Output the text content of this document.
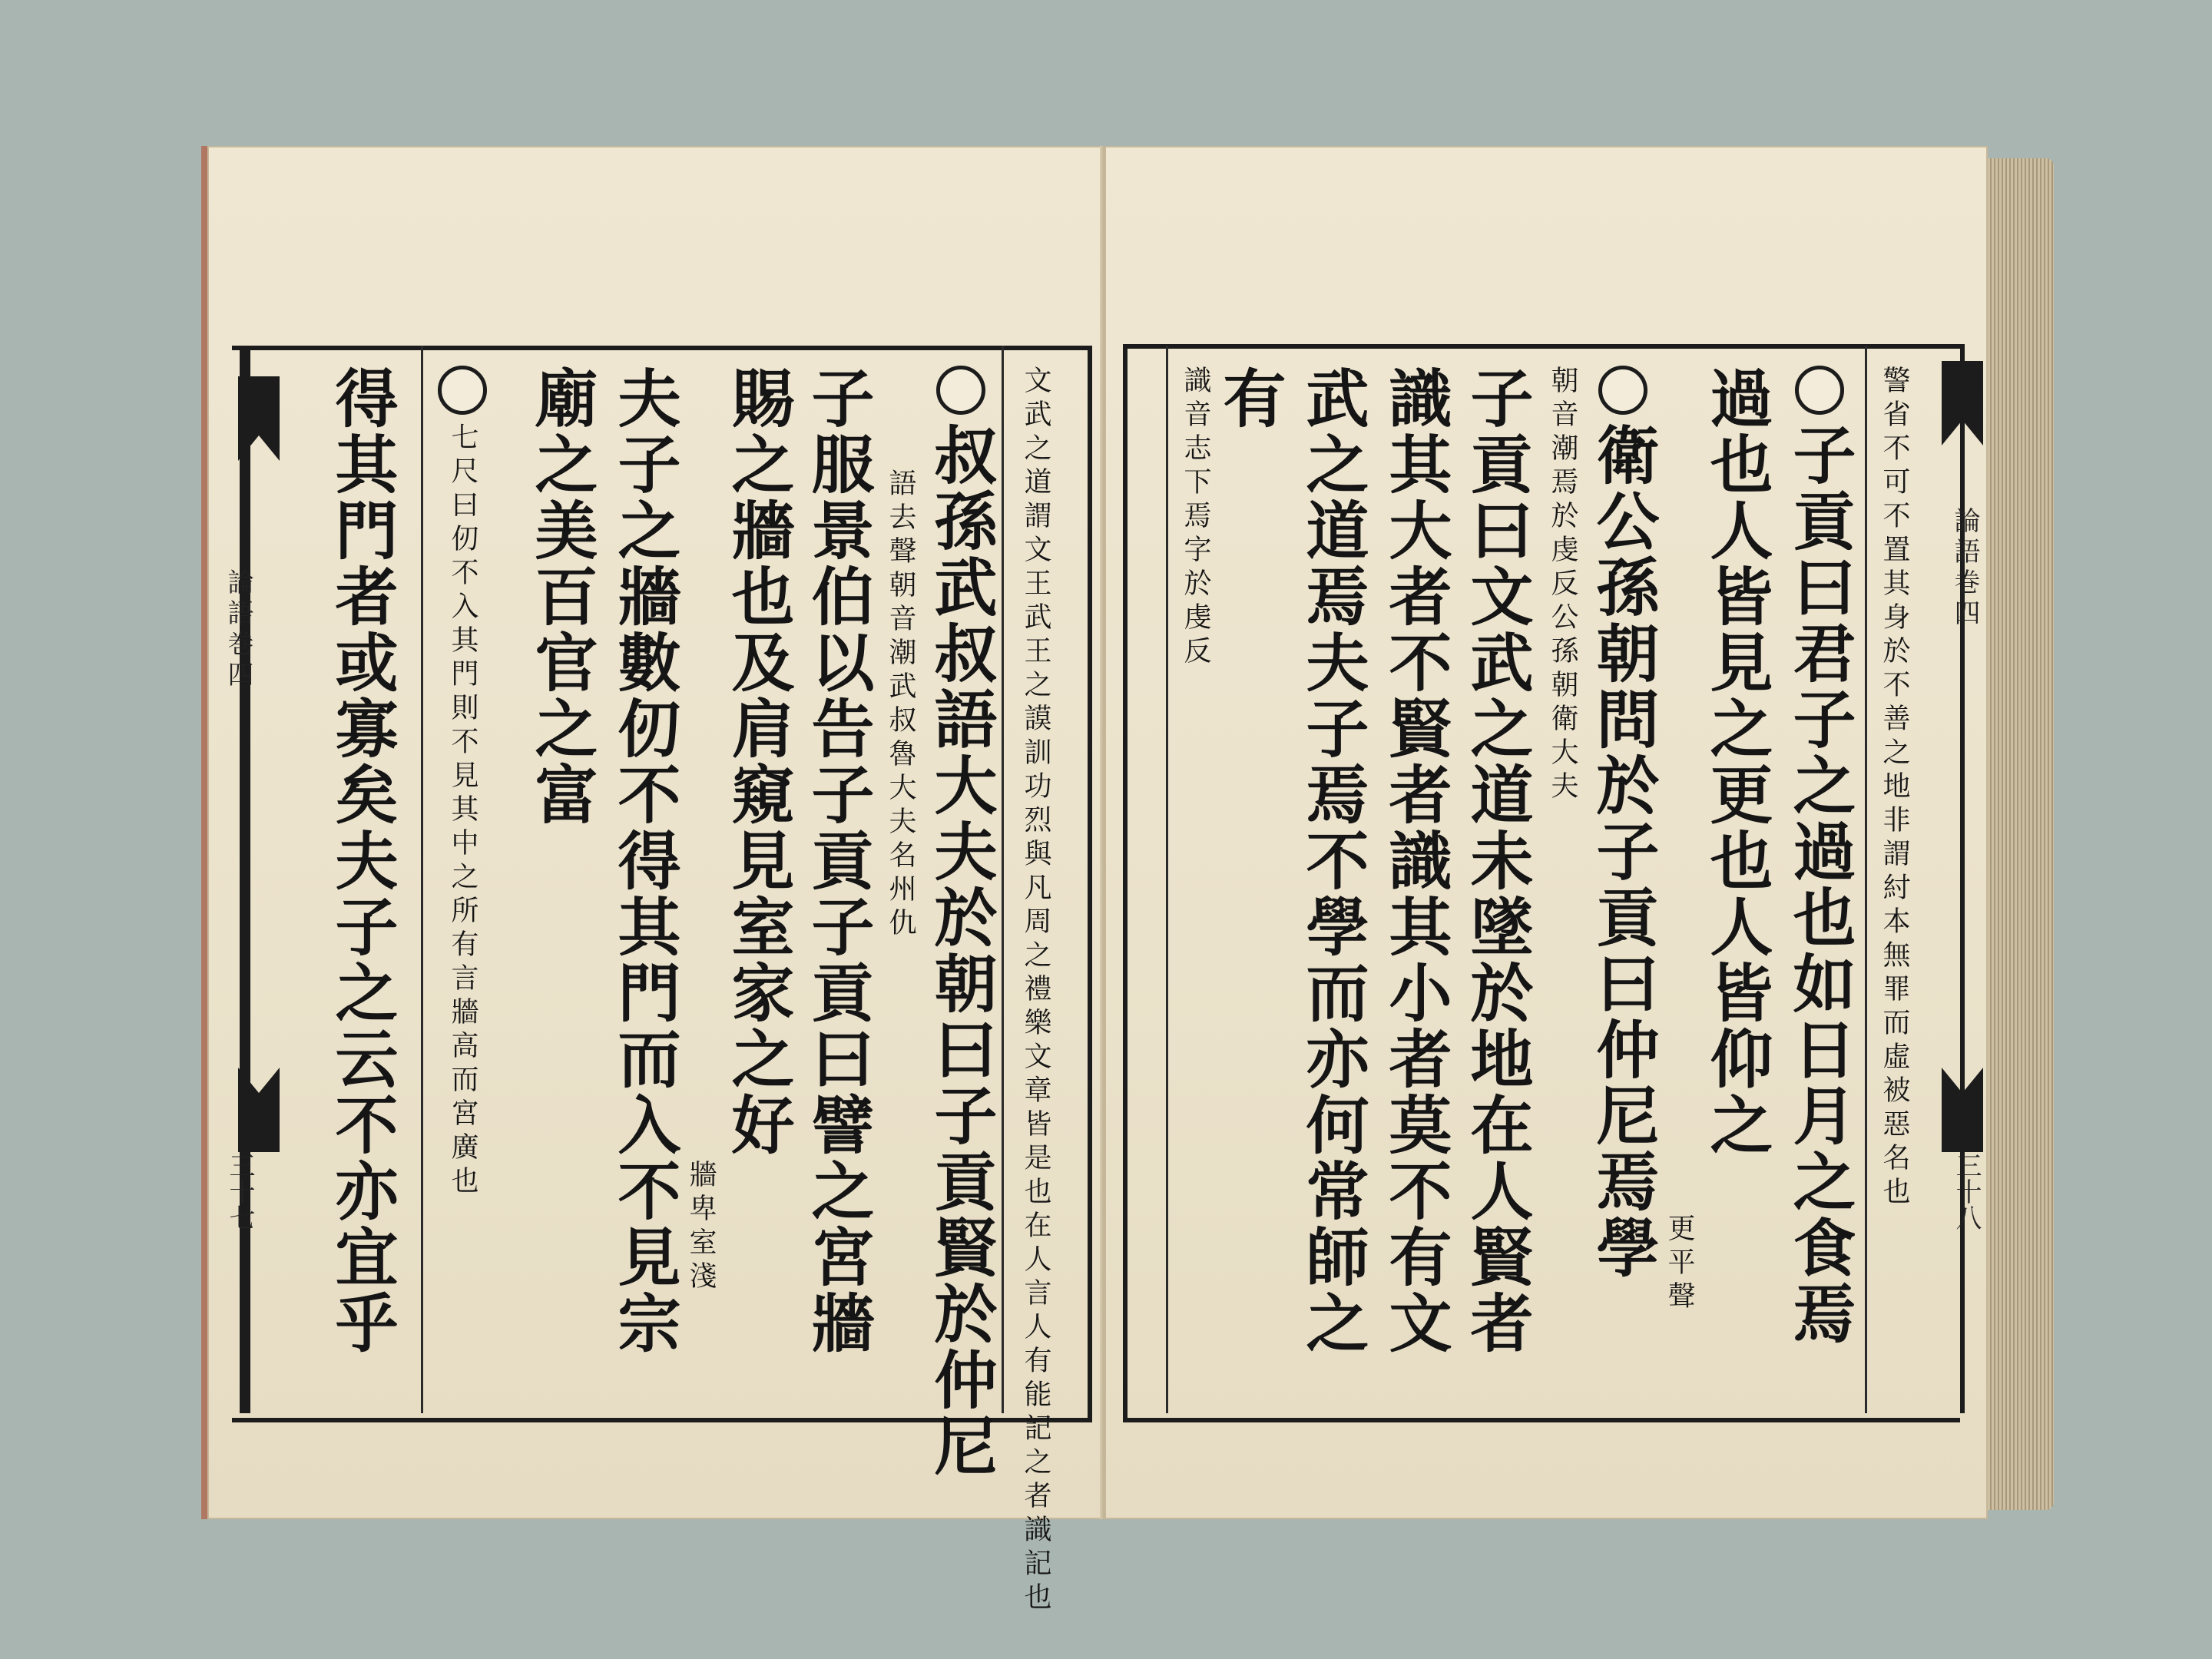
論語巻四
三十七	文武之道謂文王武王之謨訓功烈與凡周之禮樂文章皆是也在人言人有能記之者識記也
叔孫武叔語大夫於朝曰子貢賢於仲尼
語去聲朝音潮武叔魯大夫名州仇
子服景伯以告子貢子貢曰譬之宮牆
賜之牆也及肩窺見室家之好
牆卑室淺
夫子之牆數仞不得其門而入不見宗
廟之美百官之富
七尺曰仞不入其門則不見其中之所有言牆高而宮廣也
得其門者或寡矣夫子之云不亦宜乎	論語巻四
三十八
警省不可不置其身於不善之地非謂紂本無罪而虛被惡名也
子貢曰君子之過也如日月之食焉
過也人皆見之更也人皆仰之
更平聲
衛公孫朝問於子貢曰仲尼焉學
朝音潮焉於虔反公孫朝衛大夫
子貢曰文武之道未墜於地在人賢者
識其大者不賢者識其小者莫不有文
武之道焉夫子焉不學而亦何常師之
有
識音志下焉字於虔反
